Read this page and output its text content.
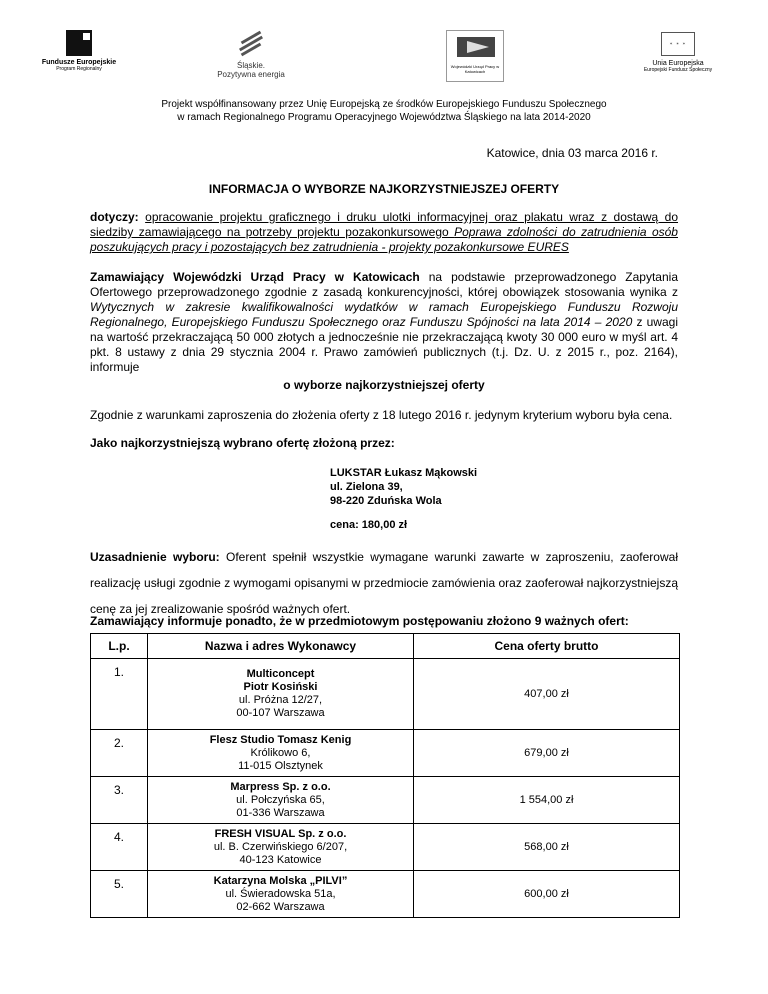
Fundusze Europejskie
Program Regionalny	Śląskie.
Pozytywna energia
Wojewódzki Urząd Pracy w Katowicach
✶ ✶ ✶
Unia Europejska
Europejski Fundusz Społeczny
Projekt współfinansowany przez Unię Europejską ze środków Europejskiego Funduszu Społecznego
w ramach Regionalnego Programu Operacyjnego Województwa Śląskiego na lata 2014-2020
Katowice, dnia 03 marca 2016 r.
INFORMACJA O WYBORZE NAJKORZYSTNIEJSZEJ OFERTY
dotyczy: opracowanie projektu graficznego i druku ulotki informacyjnej oraz plakatu wraz z dostawą do siedziby zamawiającego na potrzeby projektu pozakonkursowego Poprawa zdolności do zatrudnienia osób poszukujących pracy i pozostających bez zatrudnienia - projekty pozakonkursowe EURES
Zamawiający Wojewódzki Urząd Pracy w Katowicach na podstawie przeprowadzonego Zapytania Ofertowego przeprowadzonego zgodnie z zasadą konkurencyjności, której obowiązek stosowania wynika z Wytycznych w zakresie kwalifikowalności wydatków w ramach Europejskiego Funduszu Rozwoju Regionalnego, Europejskiego Funduszu Społecznego oraz Funduszu Spójności na lata 2014 – 2020 z uwagi na wartość przekraczającą 50 000 złotych a jednocześnie nie przekraczającą kwoty 30 000 euro w myśl art. 4 pkt. 8 ustawy z dnia 29 stycznia 2004 r. Prawo zamówień publicznych (t.j. Dz. U. z 2015 r., poz. 2164), informuje
o wyborze najkorzystniejszej oferty
Zgodnie z warunkami zaproszenia do złożenia oferty z 18 lutego 2016 r. jedynym kryterium wyboru była cena.
Jako najkorzystniejszą wybrano ofertę złożoną przez:
LUKSTAR Łukasz Mąkowski
ul. Zielona 39,
98-220 Zduńska Wola
cena: 180,00 zł
Uzasadnienie wyboru: Oferent spełnił wszystkie wymagane warunki zawarte w zaproszeniu, zaoferował realizację usługi zgodnie z wymogami opisanymi w przedmiocie zamówienia oraz zaoferował najkorzystniejszą cenę za jej zrealizowanie spośród ważnych ofert.
Zamawiający informuje ponadto, że w przedmiotowym postępowaniu złożono 9 ważnych ofert:
L.p.	Nazwa i adres Wykonawcy	Cena oferty brutto
1.	Multiconcept
Piotr Kosiński
ul. Próżna 12/27,
00-107 Warszawa	407,00 zł
2.	Flesz Studio Tomasz Kenig
Królikowo 6,
11-015 Olsztynek	679,00 zł
3.	Marpress Sp. z o.o.
ul. Połczyńska 65,
01-336 Warszawa	1 554,00 zł
4.	FRESH VISUAL Sp. z o.o.
ul. B. Czerwińskiego 6/207,
40-123 Katowice	568,00 zł
5.	Katarzyna Molska „PILVI”
ul. Świeradowska 51a,
02-662 Warszawa	600,00 zł
